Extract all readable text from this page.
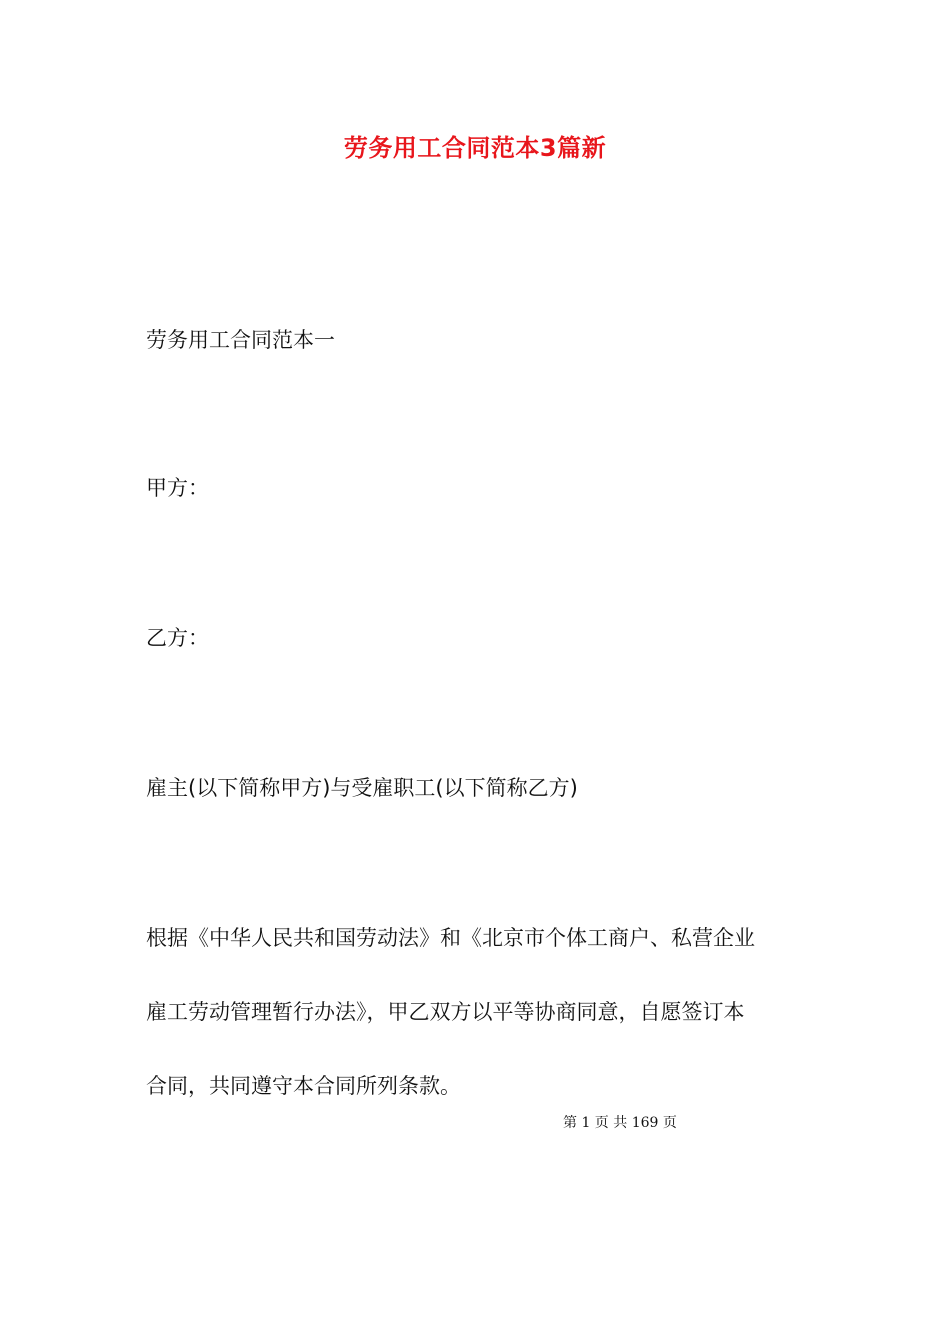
劳务用工合同范本3篇新
劳务用工合同范本一
甲方：
乙方：
雇主(以下简称甲方)与受雇职工(以下简称乙方)
根据《中华人民共和国劳动法》和《北京市个体工商户、私营企业
雇工劳动管理暂行办法》，甲乙双方以平等协商同意，自愿签订本
合同，共同遵守本合同所列条款。
第 1 页 共 169 页
